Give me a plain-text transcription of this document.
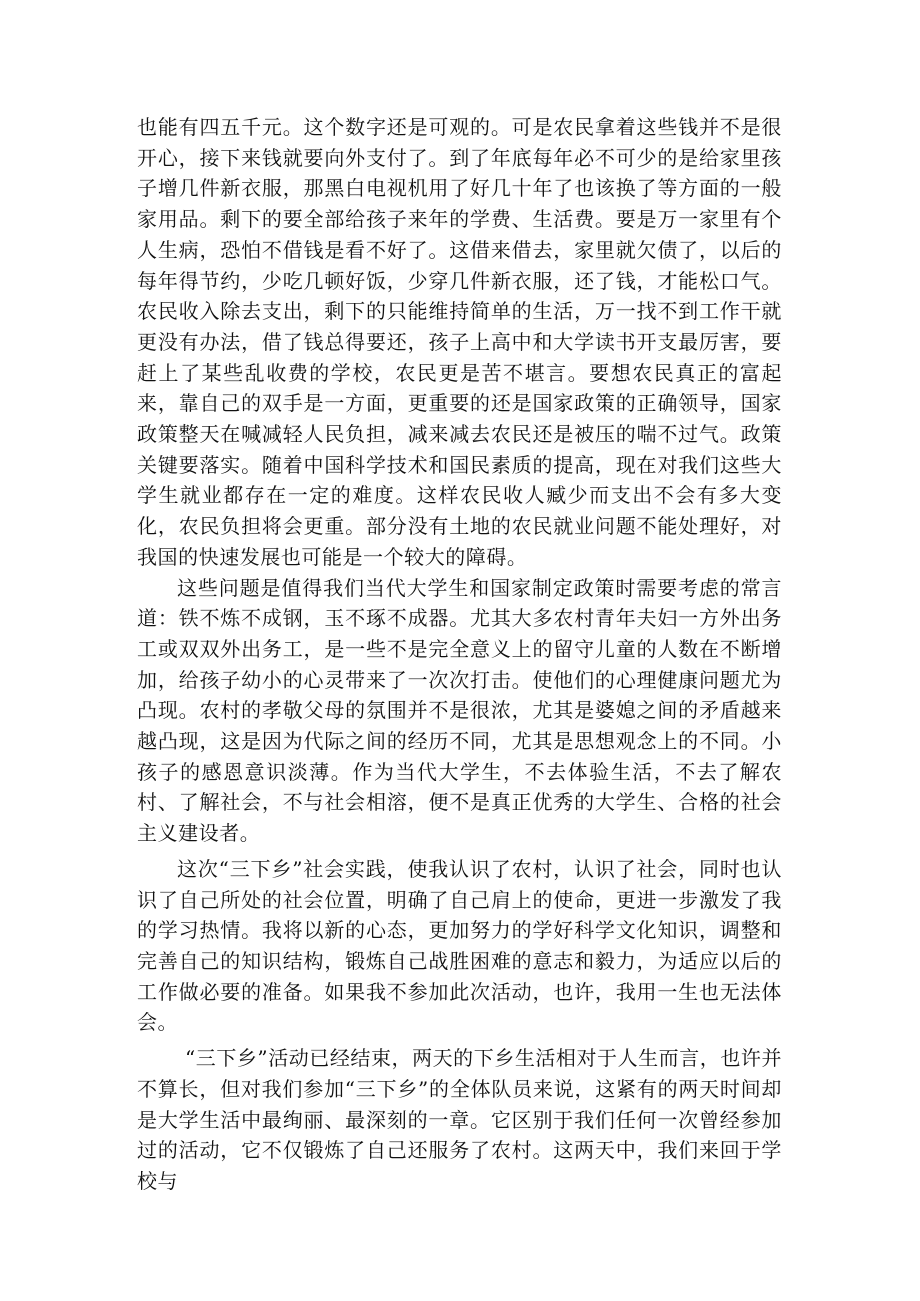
也能有四五千元。这个数字还是可观的。可是农民拿着这些钱并不是很开心，接下来钱就要向外支付了。到了年底每年必不可少的是给家里孩子增几件新衣服，那黑白电视机用了好几十年了也该换了等方面的一般家用品。剩下的要全部给孩子来年的学费、生活费。要是万一家里有个人生病，恐怕不借钱是看不好了。这借来借去，家里就欠债了，以后的每年得节约，少吃几顿好饭，少穿几件新衣服，还了钱，才能松口气。农民收入除去支出，剩下的只能维持简单的生活，万一找不到工作干就更没有办法，借了钱总得要还，孩子上高中和大学读书开支最厉害，要赶上了某些乱收费的学校，农民更是苦不堪言。要想农民真正的富起来，靠自己的双手是一方面，更重要的还是国家政策的正确领导，国家政策整天在喊减轻人民负担，减来减去农民还是被压的喘不过气。政策关键要落实。随着中国科学技术和国民素质的提高，现在对我们这些大学生就业都存在一定的难度。这样农民收人臧少而支出不会有多大变化，农民负担将会更重。部分没有土地的农民就业问题不能处理好，对我国的快速发展也可能是一个较大的障碍。

这些问题是值得我们当代大学生和国家制定政策时需要考虑的常言道：铁不炼不成钢，玉不琢不成器。尤其大多农村青年夫妇一方外出务工或双双外出务工，是一些不是完全意义上的留守儿童的人数在不断增加，给孩子幼小的心灵带来了一次次打击。使他们的心理健康问题尤为凸现。农村的孝敬父母的氛围并不是很浓，尤其是婆媳之间的矛盾越来越凸现，这是因为代际之间的经历不同，尤其是思想观念上的不同。小孩子的感恩意识淡薄。作为当代大学生，不去体验生活，不去了解农村、了解社会，不与社会相溶，便不是真正优秀的大学生、合格的社会主义建设者。

这次“三下乡”社会实践，使我认识了农村，认识了社会，同时也认识了自己所处的社会位置，明确了自己肩上的使命，更进一步激发了我的学习热情。我将以新的心态，更加努力的学好科学文化知识，调整和完善自己的知识结构，锻炼自己战胜困难的意志和毅力，为适应以后的工作做必要的准备。如果我不参加此次活动，也许，我用一生也无法体会。

“三下乡”活动已经结束，两天的下乡生活相对于人生而言，也许并不算长，但对我们参加“三下乡”的全体队员来说，这紧有的两天时间却是大学生活中最绚丽、最深刻的一章。它区别于我们任何一次曾经参加过的活动，它不仅锻炼了自己还服务了农村。这两天中，我们来回于学校与
